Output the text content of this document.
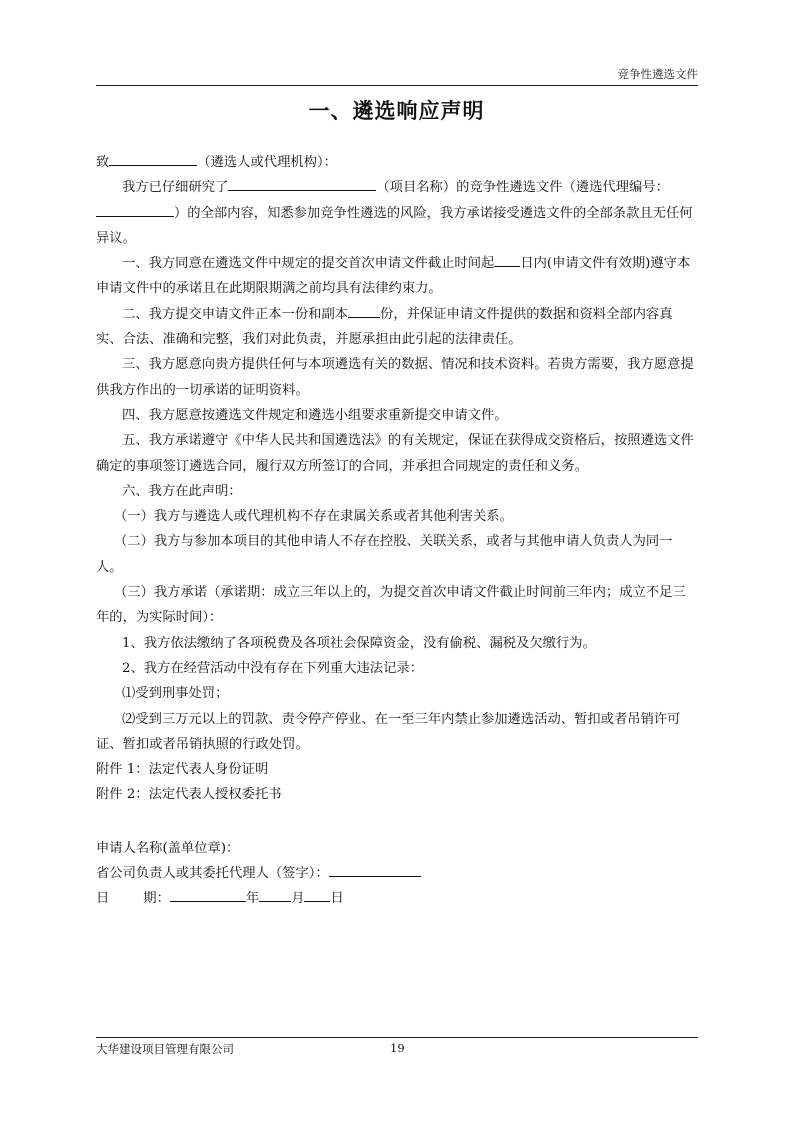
竞争性遴选文件
一、遴选响应声明

致	（遴选人或代理机构）：

我方已仔细研究了	（项目名称）的竞争性遴选文件（遴选代理编号：）的全部内容，知悉参加竞争性遴选的风险，我方承诺接受遴选文件的全部条款且无任何异议。

一、我方同意在遴选文件中规定的提交首次申请文件截止时间起 日内(申请文件有效期)遵守本申请文件中的承诺且在此期限期满之前均具有法律约束力。

二、我方提交申请文件正本一份和副本 份，并保证申请文件提供的数据和资料全部内容真实、合法、准确和完整，我们对此负责，并愿承担由此引起的法律责任。

三、我方愿意向贵方提供任何与本项遴选有关的数据、情况和技术资料。若贵方需要，我方愿意提供我方作出的一切承诺的证明资料。

四、我方愿意按遴选文件规定和遴选小组要求重新提交申请文件。

五、我方承诺遵守《中华人民共和国遴选法》的有关规定，保证在获得成交资格后，按照遴选文件确定的事项签订遴选合同，履行双方所签订的合同，并承担合同规定的责任和义务。

六、我方在此声明：

（一）我方与遴选人或代理机构不存在隶属关系或者其他利害关系。

（二）我方与参加本项目的其他申请人不存在控股、关联关系，或者与其他申请人负责人为同一人。

（三）我方承诺（承诺期：成立三年以上的，为提交首次申请文件截止时间前三年内；成立不足三年的，为实际时间）：

1、我方依法缴纳了各项税费及各项社会保障资金，没有偷税、漏税及欠缴行为。

2、我方在经营活动中没有存在下列重大违法记录：

⑴受到刑事处罚；

⑵受到三万元以上的罚款、责令停产停业、在一至三年内禁止参加遴选活动、暂扣或者吊销许可证、暂扣或者吊销执照的行政处罚。

附件 1：法定代表人身份证明

附件 2：法定代表人授权委托书

申请人名称(盖单位章)：

省公司负责人或其委托代理人（签字）：

日	期：	年 月 日

大华建设项目管理有限公司	19
